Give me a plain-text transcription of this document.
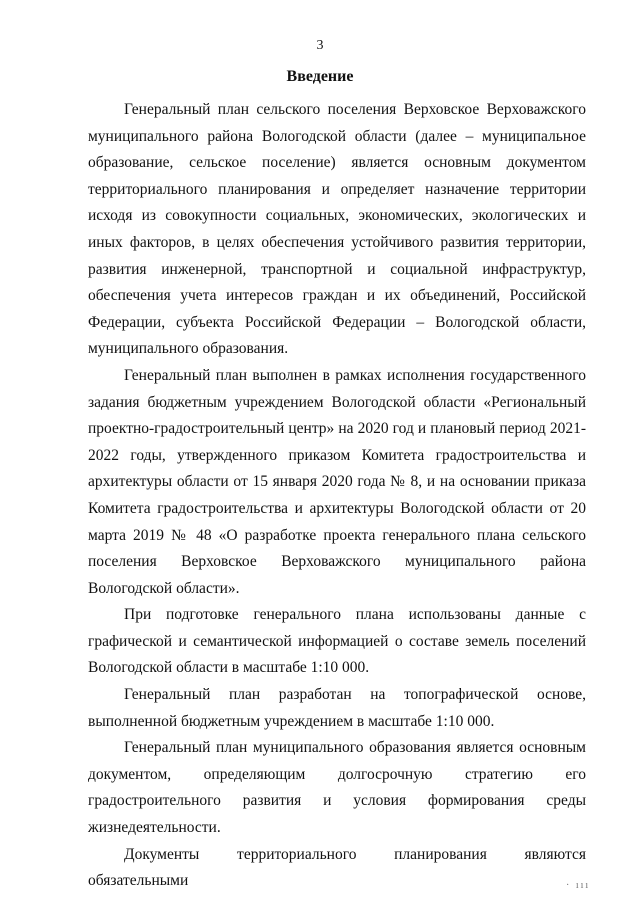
3
Введение

Генеральный план сельского поселения Верховское Верховажского муниципального района Вологодской области (далее – муниципальное образование, сельское поселение) является основным документом территориального планирования и определяет назначение территории исходя из совокупности социальных, экономических, экологических и иных факторов, в целях обеспечения устойчивого развития территории, развития инженерной, транспортной и социальной инфраструктур, обеспечения учета интересов граждан и их объединений, Российской Федерации, субъекта Российской Федерации – Вологодской области, муниципального образования.

Генеральный план выполнен в рамках исполнения государственного задания бюджетным учреждением Вологодской области «Региональный проектно-градостроительный центр» на 2020 год и плановый период 2021-2022 годы, утвержденного приказом Комитета градостроительства и архитектуры области от 15 января 2020 года № 8, и на основании приказа Комитета градостроительства и архитектуры Вологодской области от 20 марта 2019 № 48 «О разработке проекта генерального плана сельского поселения Верховское Верховажского муниципального района Вологодской области».

При подготовке генерального плана использованы данные с графической и семантической информацией о составе земель поселений Вологодской области в масштабе 1:10 000.

Генеральный план разработан на топографической основе, выполненной бюджетным учреждением в масштабе 1:10 000.

Генеральный план муниципального образования является основным документом, определяющим долгосрочную стратегию его градостроительного развития и условия формирования среды жизнедеятельности.

Документы территориального планирования являются обязательными	· ııı
